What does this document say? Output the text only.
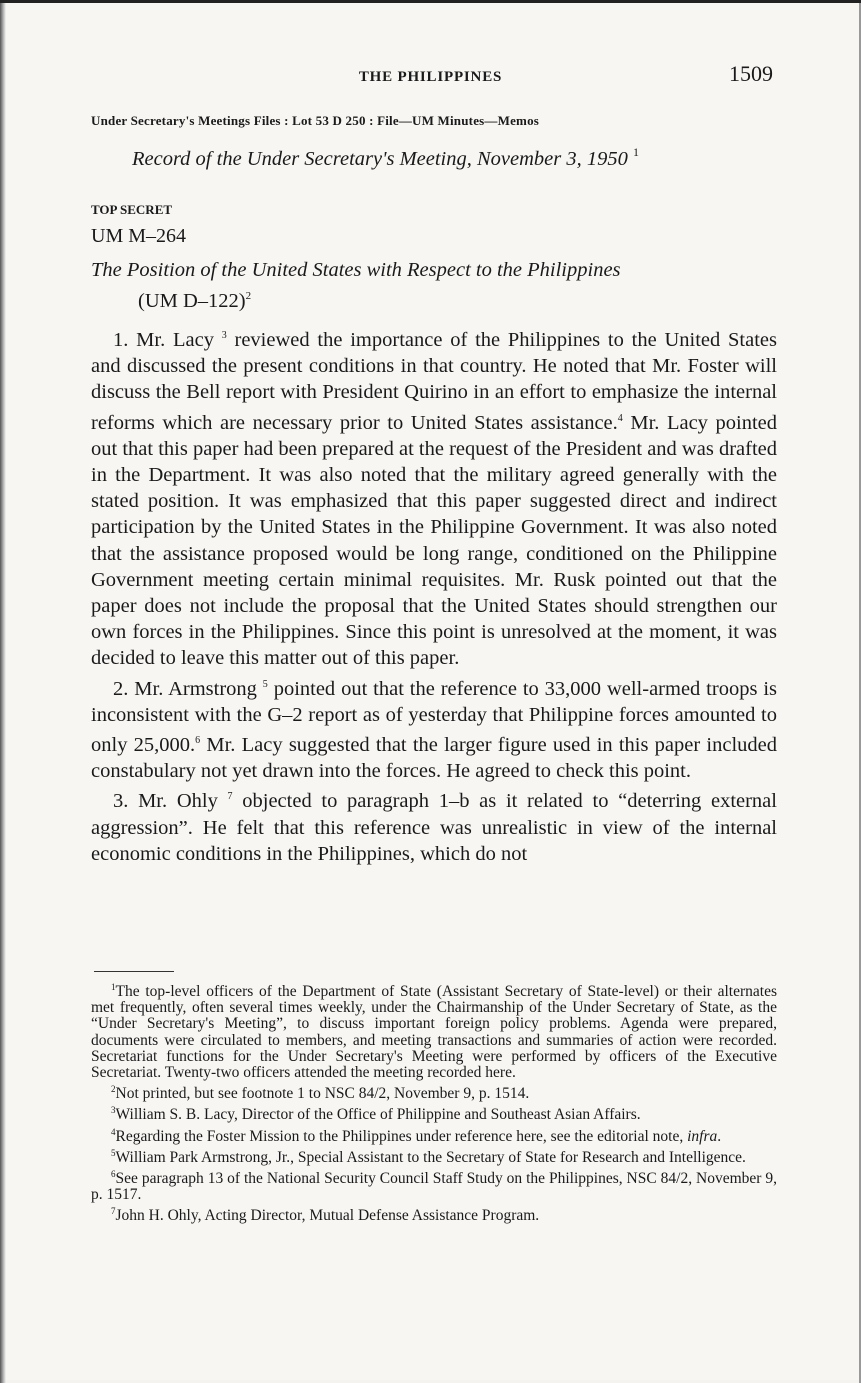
THE PHILIPPINES	1509
Under Secretary's Meetings Files : Lot 53 D 250 : File—UM Minutes—Memos
Record of the Under Secretary's Meeting, November 3, 1950 $^1$
TOP SECRET
UM M–264
The Position of the United States with Respect to the Philippines
(UM D–122)$^2$

1. Mr. Lacy $^3$ reviewed the importance of the Philippines to the United States and discussed the present conditions in that country. He noted that Mr. Foster will discuss the Bell report with President Quirino in an effort to emphasize the internal reforms which are necessary prior to United States assistance.$^4$ Mr. Lacy pointed out that this paper had been prepared at the request of the President and was drafted in the Department. It was also noted that the military agreed generally with the stated position. It was emphasized that this paper suggested direct and indirect participation by the United States in the Philippine Government. It was also noted that the assistance proposed would be long range, conditioned on the Philippine Government meeting certain minimal requisites. Mr. Rusk pointed out that the paper does not include the proposal that the United States should strengthen our own forces in the Philippines. Since this point is unresolved at the moment, it was decided to leave this matter out of this paper.

2. Mr. Armstrong $^5$ pointed out that the reference to 33,000 well-armed troops is inconsistent with the G–2 report as of yesterday that Philippine forces amounted to only 25,000.$^6$ Mr. Lacy suggested that the larger figure used in this paper included constabulary not yet drawn into the forces. He agreed to check this point.

3. Mr. Ohly $^7$ objected to paragraph 1–b as it related to “deterring external aggression”. He felt that this reference was unrealistic in view of the internal economic conditions in the Philippines, which do not

$^1$The top-level officers of the Department of State (Assistant Secretary of State-level) or their alternates met frequently, often several times weekly, under the Chairmanship of the Under Secretary of State, as the “Under Secretary's Meeting”, to discuss important foreign policy problems. Agenda were prepared, documents were circulated to members, and meeting transactions and summaries of action were recorded. Secretariat functions for the Under Secretary's Meeting were performed by officers of the Executive Secretariat. Twenty-two officers attended the meeting recorded here.

$^2$Not printed, but see footnote 1 to NSC 84/2, November 9, p. 1514.

$^3$William S. B. Lacy, Director of the Office of Philippine and Southeast Asian Affairs.

$^4$Regarding the Foster Mission to the Philippines under reference here, see the editorial note, infra.

$^5$William Park Armstrong, Jr., Special Assistant to the Secretary of State for Research and Intelligence.

$^6$See paragraph 13 of the National Security Council Staff Study on the Philippines, NSC 84/2, November 9, p. 1517.

$^7$John H. Ohly, Acting Director, Mutual Defense Assistance Program.
